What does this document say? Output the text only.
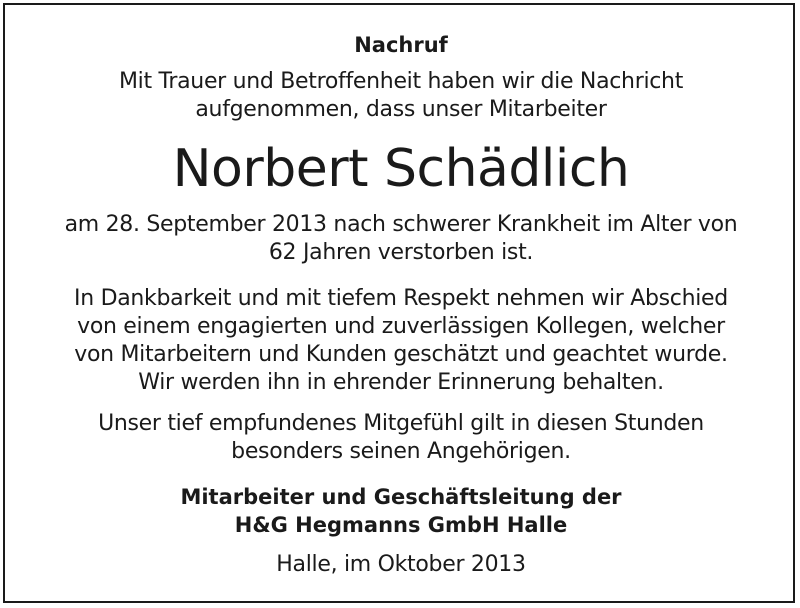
Nachruf
Mit Trauer und Betroffenheit haben wir die Nachricht
aufgenommen, dass unser Mitarbeiter
Norbert Schädlich
am 28. September 2013 nach schwerer Krankheit im Alter von
62 Jahren verstorben ist.
In Dankbarkeit und mit tiefem Respekt nehmen wir Abschied
von einem engagierten und zuverlässigen Kollegen, welcher
von Mitarbeitern und Kunden geschätzt und geachtet wurde.
Wir werden ihn in ehrender Erinnerung behalten.
Unser tief empfundenes Mitgefühl gilt in diesen Stunden
besonders seinen Angehörigen.
Mitarbeiter und Geschäftsleitung der
H&G Hegmanns GmbH Halle
Halle, im Oktober 2013
